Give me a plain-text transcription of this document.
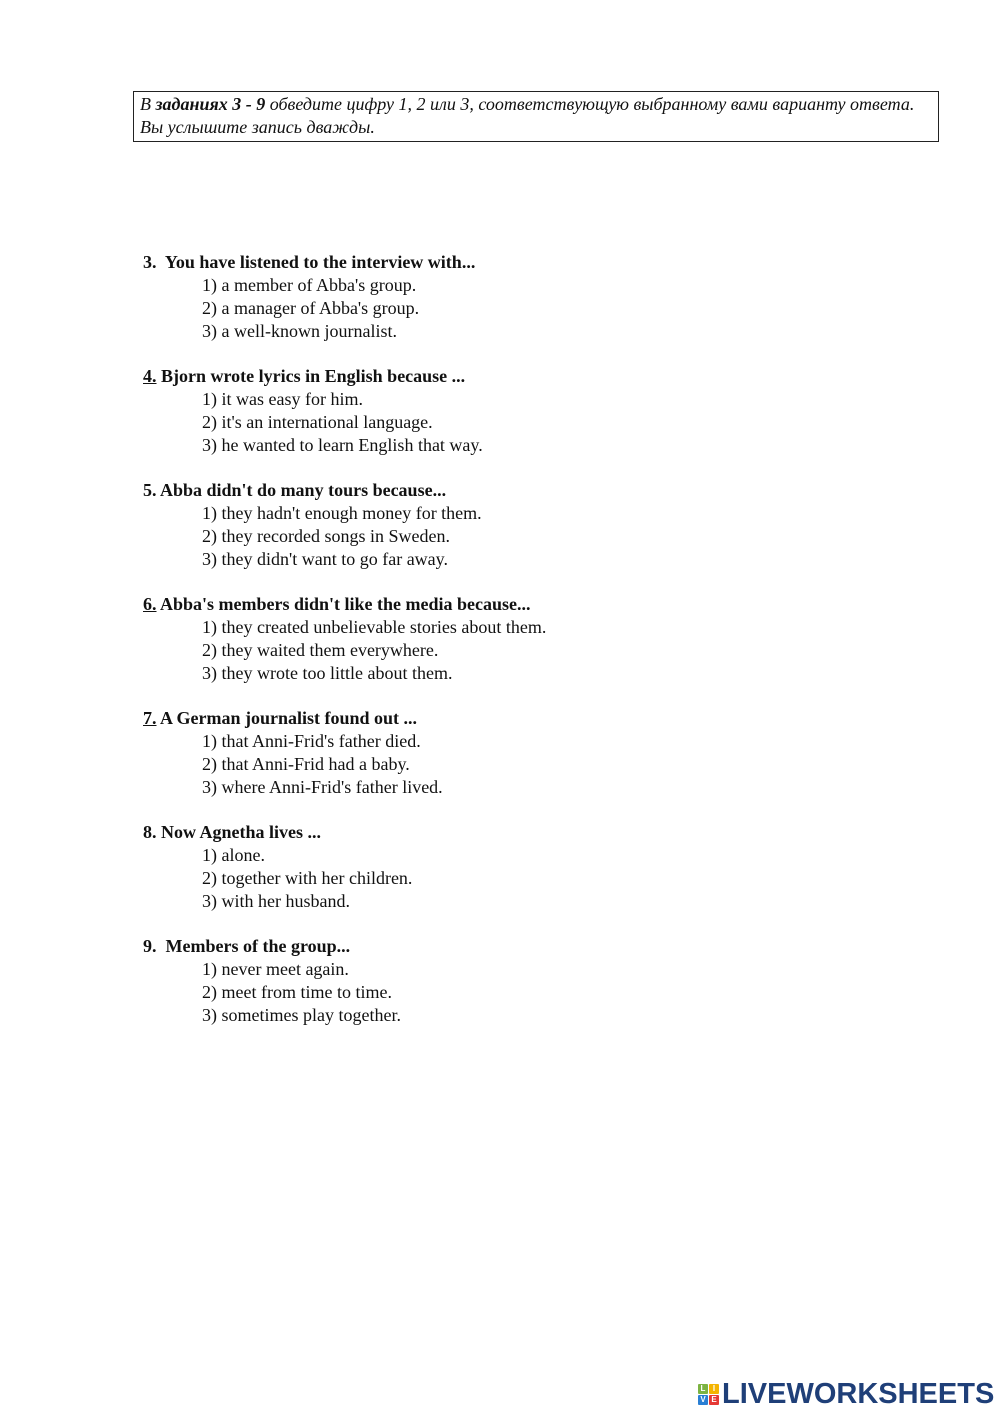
В заданиях 3 - 9 обведите цифру 1, 2 или 3, соответствующую выбранному вами варианту ответа. Вы услышите запись дважды.
3.  You have listened to the interview with...
1) a member of Abba's group.
2) a manager of Abba's group.
3) a well-known journalist.
4. Bjorn wrote lyrics in English because ...
1) it was easy for him.
2) it's an international language.
3) he wanted to learn English that way.
5. Abba didn't do many tours because...
1) they hadn't enough money for them.
2) they recorded songs in Sweden.
3) they didn't want to go far away.
6. Abba's members didn't like the media because...
1) they created unbelievable stories about them.
2) they waited them everywhere.
3) they wrote too little about them.
7. A German journalist found out ...
1) that Anni-Frid's father died.
2) that Anni-Frid had a baby.
3) where Anni-Frid's father lived.
8. Now Agnetha lives ...
1) alone.
2) together with her children.
3) with her husband.
9.  Members of the group...
1) never meet again.
2) meet from time to time.
3) sometimes play together.
L I
V E LIVEWORKSHEETS
